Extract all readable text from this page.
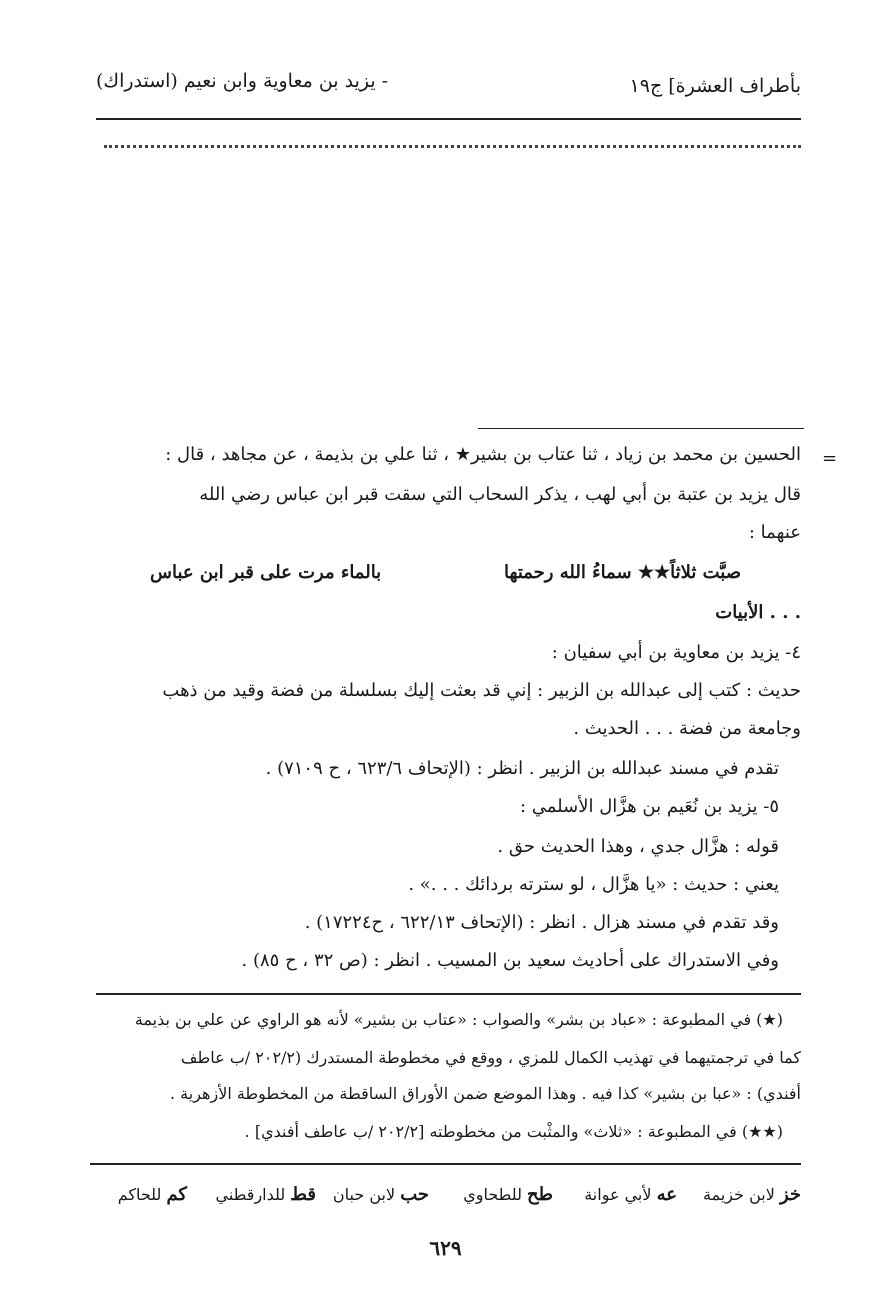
بأطراف العشرة] ج١٩
- يزيد بن معاوية وابن نعيم (استدراك)
=
الحسين بن محمد بن زياد ، ثنا عتاب بن بشير★ ، ثنا علي بن بذيمة ، عن مجاهد ، قال :
قال يزيد بن عتبة بن أبي لهب ، يذكر السحاب التي سقت قبر ابن عباس رضي الله
عنهما :
صبَّت ثلاثاً★★ سماءُ الله رحمتها
بالماء مرت على قبر ابن عباس
. . . الأبيات
٤- يزيد بن معاوية بن أبي سفيان :
حديث : كتب إلى عبدالله بن الزبير : إني قد بعثت إليك بسلسلة من فضة وقيد من ذهب
وجامعة من فضة . . . الحديث .
تقدم في مسند عبدالله بن الزبير . انظر : (الإتحاف ٦٢٣/٦ ، ح ٧١٠٩) .
٥- يزيد بن نُعَيم بن هزَّال الأسلمي :
قوله : هزَّال جدي ، وهذا الحديث حق .
يعني : حديث : «يا هزَّال ، لو سترته بردائك . . .» .
وقد تقدم في مسند هزال . انظر : (الإتحاف ٦٢٢/١٣ ، ح١٧٢٢٤) .
وفي الاستدراك على أحاديث سعيد بن المسيب . انظر : (ص ٣٢ ، ح ٨٥) .
(★) في المطبوعة : «عباد بن بشر» والصواب : «عتاب بن بشير» لأنه هو الراوي عن علي بن بذيمة
كما في ترجمتيهما في تهذيب الكمال للمزي ، ووقع في مخطوطة المستدرك (٢٠٢/٢ /ب عاطف
أفندي) : «عبا بن بشير» كذا فيه . وهذا الموضع ضمن الأوراق الساقطة من المخطوطة الأزهرية .
(★★) في المطبوعة : «ثلاث» والمثْبت من مخطوطته [٢٠٢/٢ /ب عاطف أفندي] .
خز لابن خزيمة
عه لأبي عوانة
طح للطحاوي
حب لابن حبان
قط للدارقطني
كم للحاكم
٦٢٩
